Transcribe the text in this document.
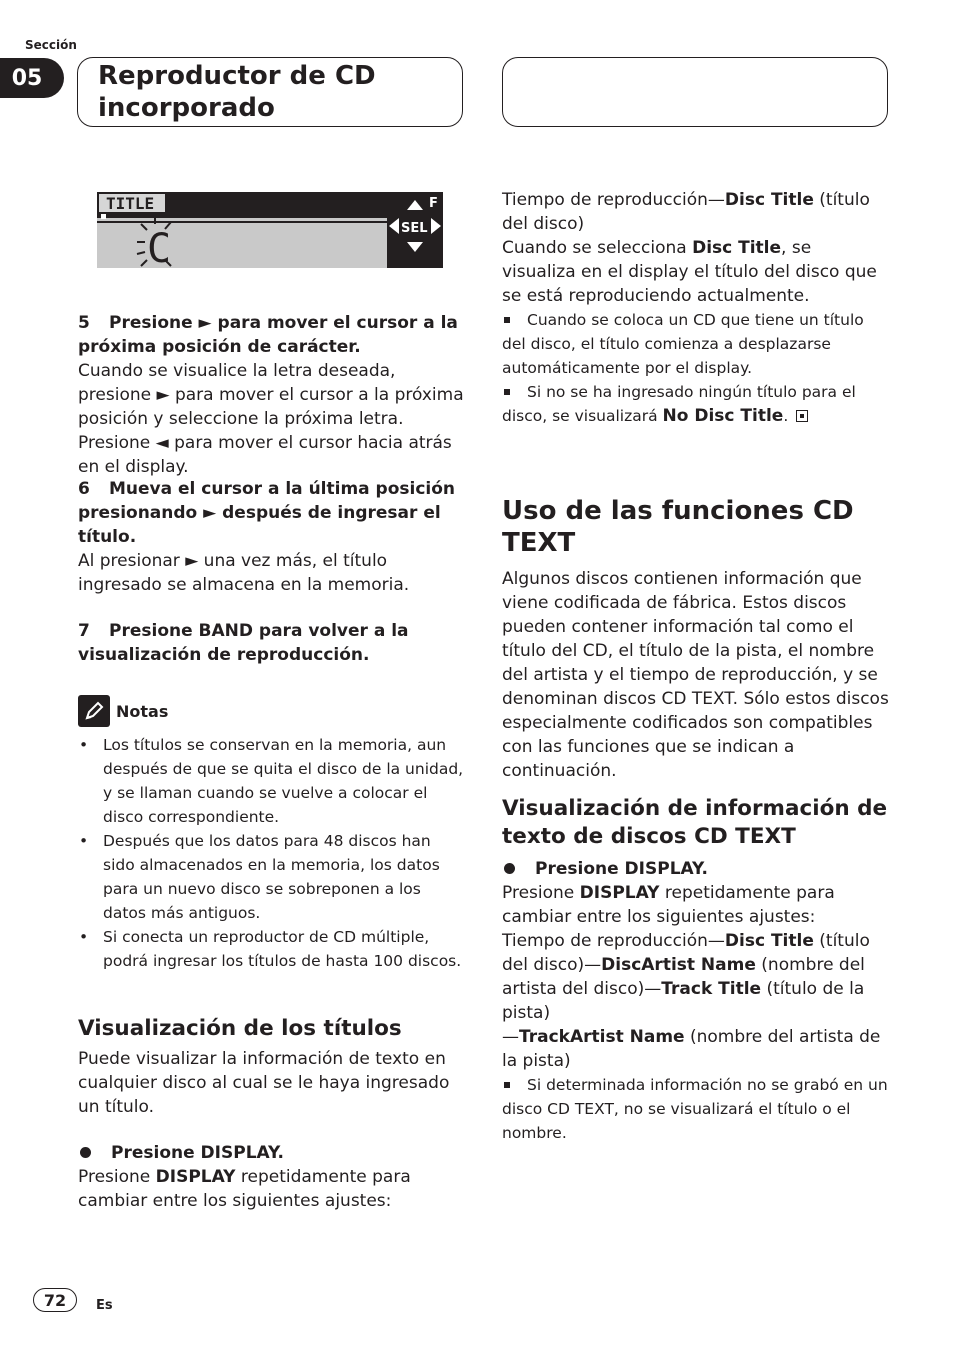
Sección
05	Reproductor de CD
incorporado
TITLE	F
SEL
C

5 Presione ► para mover el cursor a la próxima posición de carácter.

Cuando se visualice la letra deseada, presione ► para mover el cursor a la próxima posición y seleccione la próxima letra. Presione ◄ para mover el cursor hacia atrás en el display.

6 Mueva el cursor a la última posición presionando ► después de ingresar el título.

Al presionar ► una vez más, el título ingresado se almacena en la memoria.

7 Presione BAND para volver a la visualización de reproducción.

Notas
• Los títulos se conservan en la memoria, aun después de que se quita el disco de la unidad, y se llaman cuando se vuelve a colocar el disco correspondiente.
• Después que los datos para 48 discos han sido almacenados en la memoria, los datos para un nuevo disco se sobreponen a los datos más antiguos.
• Si conecta un reproductor de CD múltiple, podrá ingresar los títulos de hasta 100 discos.
Visualización de los títulos

Puede visualizar la información de texto en cualquier disco al cual se le haya ingresado un título.

Presione DISPLAY.

Presione DISPLAY repetidamente para cambiar entre los siguientes ajustes:

Tiempo de reproducción—Disc Title (título del disco)

Cuando se selecciona Disc Title, se visualiza en el display el título del disco que se está reproduciendo actualmente.

Cuando se coloca un CD que tiene un título del disco, el título comienza a desplazarse automáticamente por el display.

Si no se ha ingresado ningún título para el disco, se visualizará No Disc Title.

Uso de las funciones CD TEXT

Algunos discos contienen información que viene codificada de fábrica. Estos discos pueden contener información tal como el título del CD, el título de la pista, el nombre del artista y el tiempo de reproducción, y se denominan discos CD TEXT. Sólo estos discos especialmente codificados son compatibles con las funciones que se indican a continuación.

Visualización de información de texto de discos CD TEXT

Presione DISPLAY.

Presione DISPLAY repetidamente para cambiar entre los siguientes ajustes:

Tiempo de reproducción—Disc Title (título del disco)—DiscArtist Name (nombre del artista del disco)—Track Title (título de la pista)
—TrackArtist Name (nombre del artista de la pista)

Si determinada información no se grabó en un disco CD TEXT, no se visualizará el título o el nombre.

72	Es
